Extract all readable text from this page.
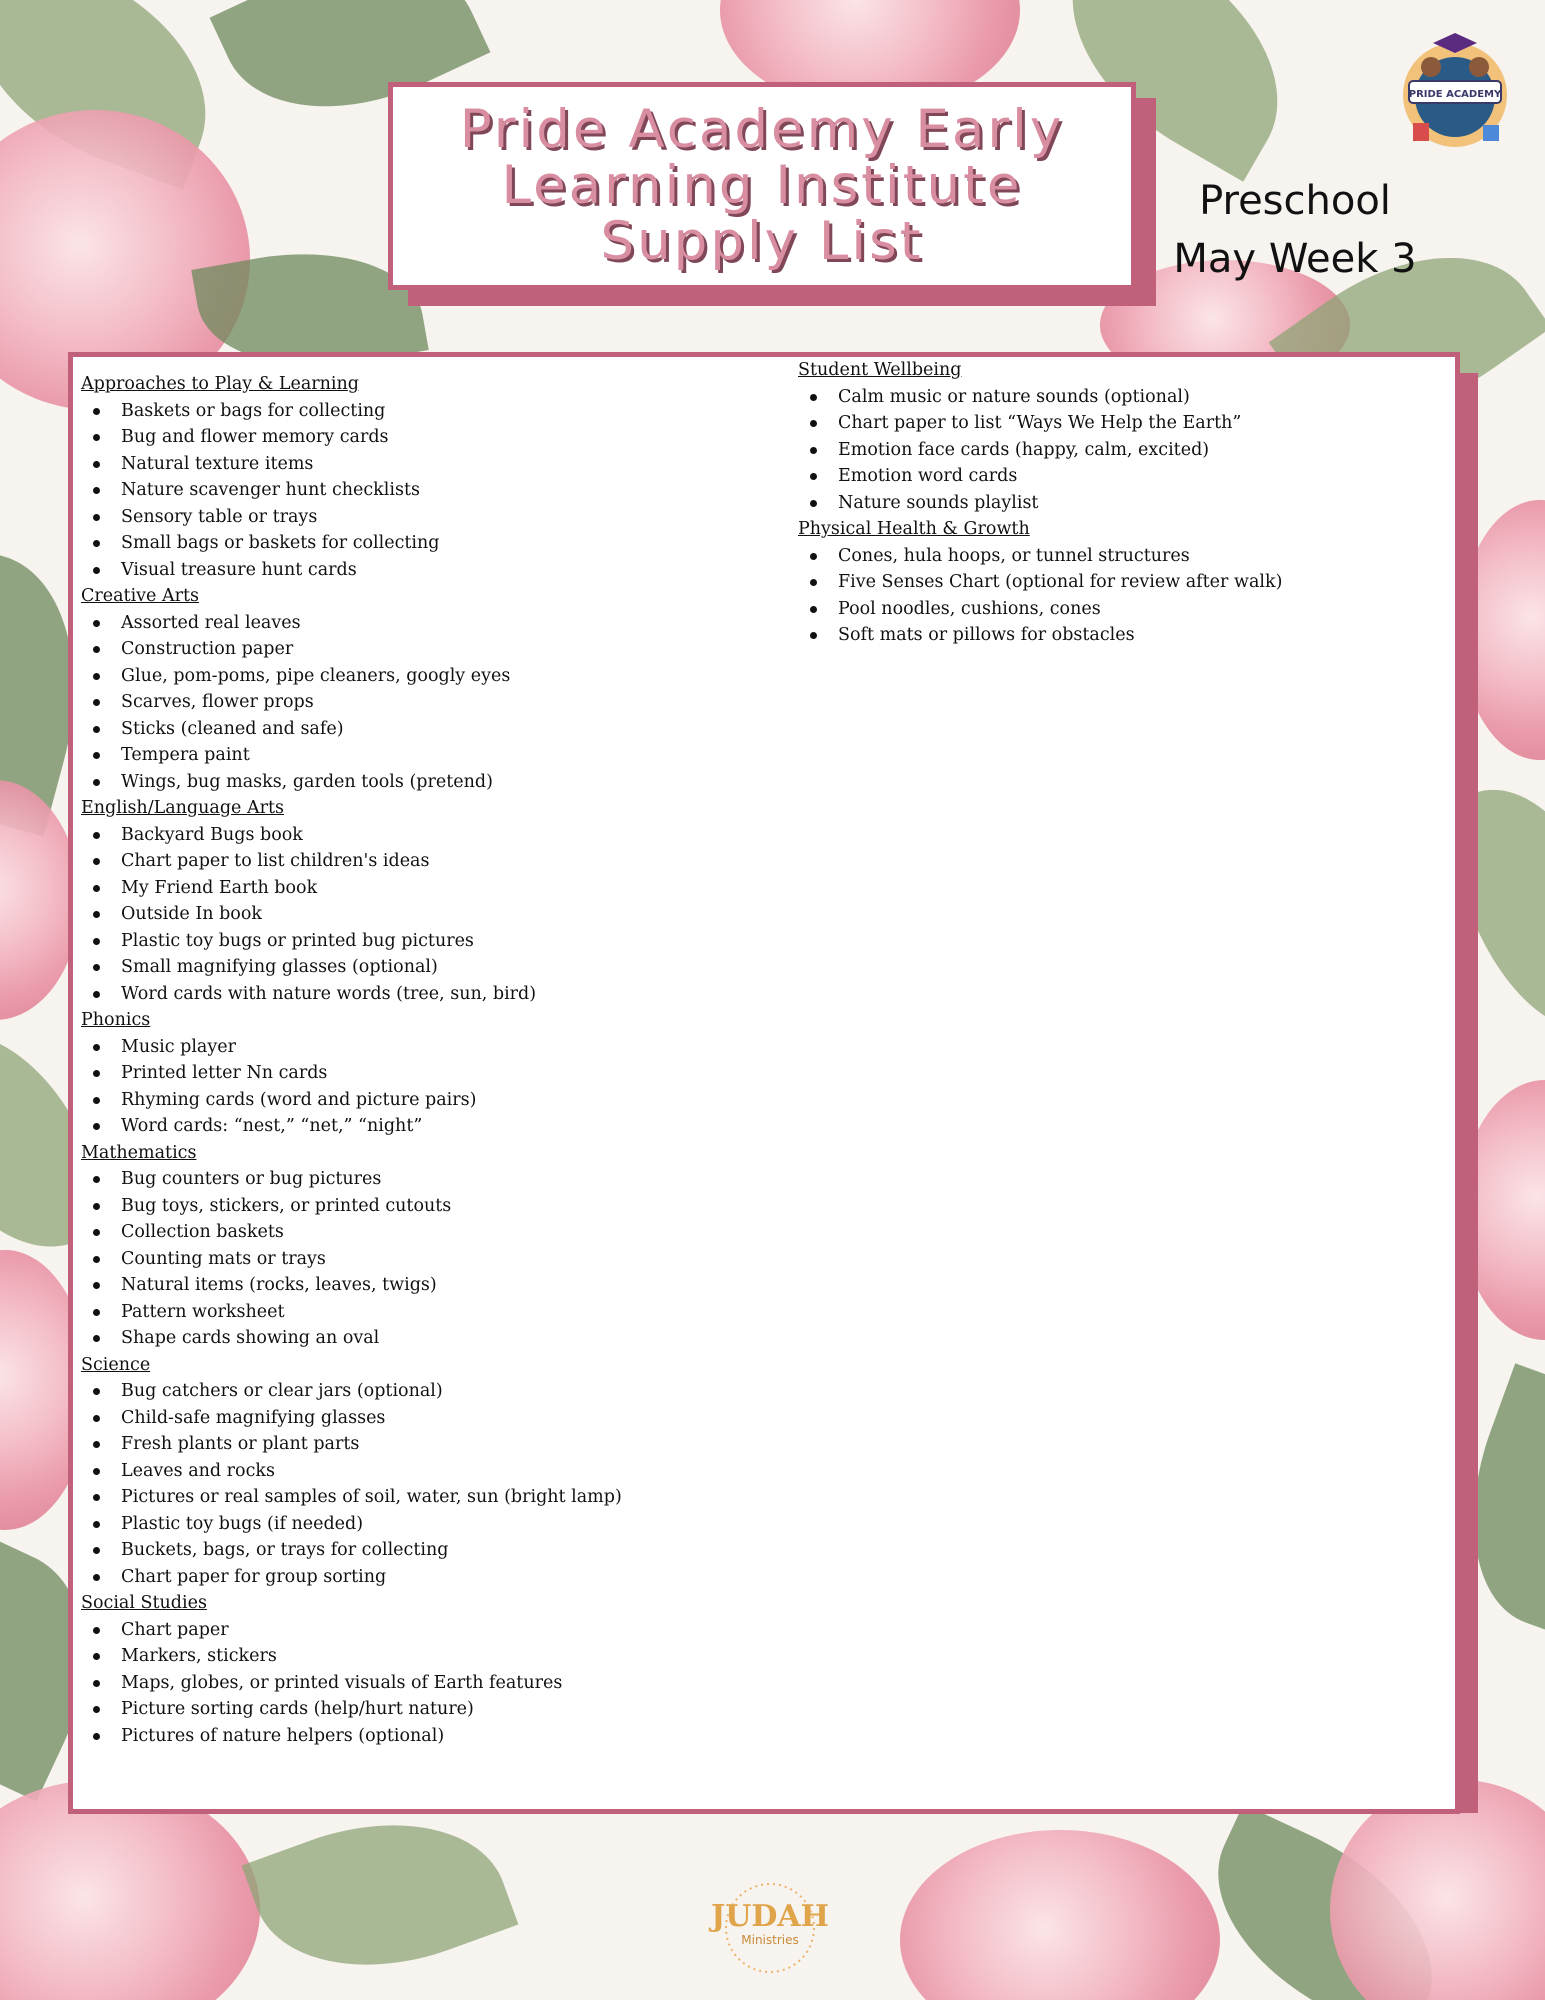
Pride Academy Early
Learning Institute
Supply List
Preschool
May Week 3
PRIDE ACADEMY
Approaches to Play & Learning
Baskets or bags for collecting
Bug and flower memory cards
Natural texture items
Nature scavenger hunt checklists
Sensory table or trays
Small bags or baskets for collecting
Visual treasure hunt cards
Creative Arts
Assorted real leaves
Construction paper
Glue, pom-poms, pipe cleaners, googly eyes
Scarves, flower props
Sticks (cleaned and safe)
Tempera paint
Wings, bug masks, garden tools (pretend)
English/Language Arts
Backyard Bugs book
Chart paper to list children's ideas
My Friend Earth book
Outside In book
Plastic toy bugs or printed bug pictures
Small magnifying glasses (optional)
Word cards with nature words (tree, sun, bird)
Phonics
Music player
Printed letter Nn cards
Rhyming cards (word and picture pairs)
Word cards: “nest,” “net,” “night”
Mathematics
Bug counters or bug pictures
Bug toys, stickers, or printed cutouts
Collection baskets
Counting mats or trays
Natural items (rocks, leaves, twigs)
Pattern worksheet
Shape cards showing an oval
Science
Bug catchers or clear jars (optional)
Child-safe magnifying glasses
Fresh plants or plant parts
Leaves and rocks
Pictures or real samples of soil, water, sun (bright lamp)
Plastic toy bugs (if needed)
Buckets, bags, or trays for collecting
Chart paper for group sorting
Social Studies
Chart paper
Markers, stickers
Maps, globes, or printed visuals of Earth features
Picture sorting cards (help/hurt nature)
Pictures of nature helpers (optional)
Student Wellbeing
Calm music or nature sounds (optional)
Chart paper to list “Ways We Help the Earth”
Emotion face cards (happy, calm, excited)
Emotion word cards
Nature sounds playlist
Physical Health & Growth
Cones, hula hoops, or tunnel structures
Five Senses Chart (optional for review after walk)
Pool noodles, cushions, cones
Soft mats or pillows for obstacles
JUDAH
Ministries
